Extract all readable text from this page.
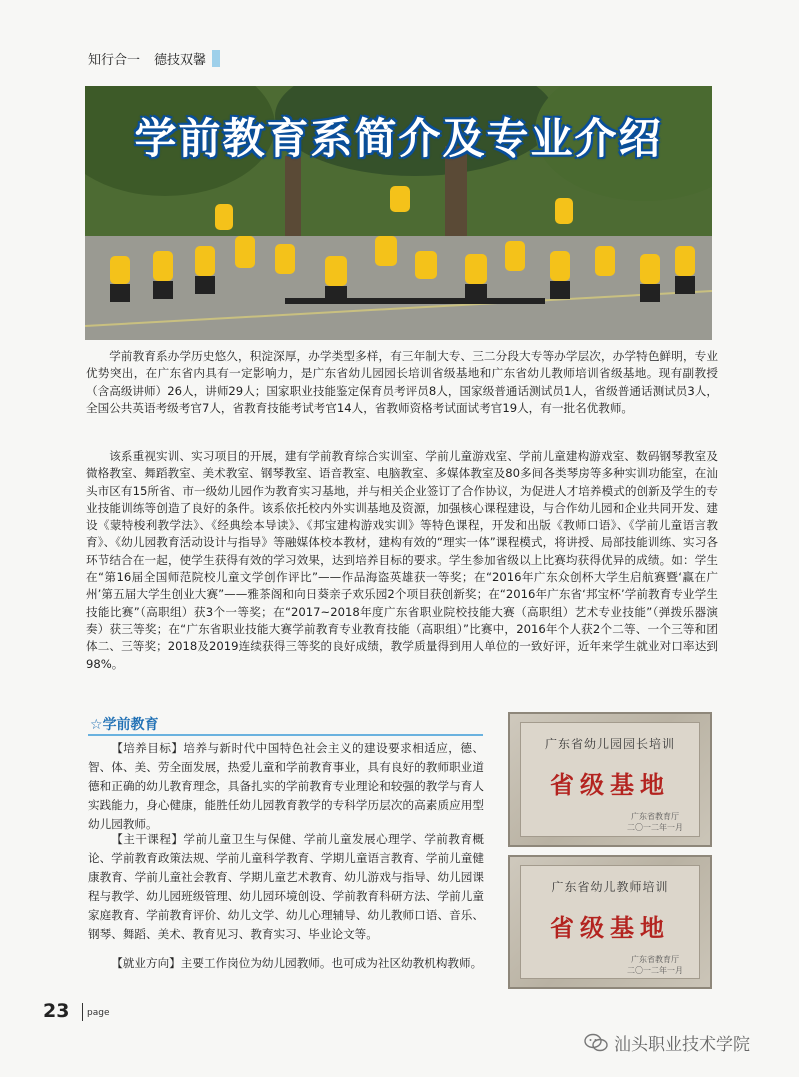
知行合一 德技双馨
学前教育系简介及专业介绍

学前教育系办学历史悠久，积淀深厚，办学类型多样，有三年制大专、三二分段大专等办学层次，办学特色鲜明，专业优势突出，在广东省内具有一定影响力，是广东省幼儿园园长培训省级基地和广东省幼儿教师培训省级基地。现有副教授（含高级讲师）26人，讲师29人；国家职业技能鉴定保育员考评员8人，国家级普通话测试员1人，省级普通话测试员3人，全国公共英语考级考官7人，省教育技能考试考官14人，省教师资格考试面试考官19人，有一批名优教师。

该系重视实训、实习项目的开展，建有学前教育综合实训室、学前儿童游戏室、学前儿童建构游戏室、数码钢琴教室及微格教室、舞蹈教室、美术教室、钢琴教室、语音教室、电脑教室、多媒体教室及80多间各类琴房等多种实训功能室，在汕头市区有15所省、市一级幼儿园作为教育实习基地，并与相关企业签订了合作协议，为促进人才培养模式的创新及学生的专业技能训练等创造了良好的条件。该系依托校内外实训基地及资源，加强核心课程建设，与合作幼儿园和企业共同开发、建设《蒙特梭利教学法》、《经典绘本导读》、《邦宝建构游戏实训》等特色课程，开发和出版《教师口语》、《学前儿童语言教育》、《幼儿园教育活动设计与指导》等融媒体校本教材，建构有效的“理实一体”课程模式，将讲授、局部技能训练、实习各环节结合在一起，使学生获得有效的学习效果，达到培养目标的要求。学生参加省级以上比赛均获得优异的成绩。如：学生在“第16届全国师范院校儿童文学创作评比”——作品海盗英雄获一等奖；在“2016年广东众创杯大学生启航赛暨‘赢在广州’第五届大学生创业大赛”——雅茶阁和向日葵亲子欢乐园2个项目获创新奖；在“2016年广东省‘邦宝杯’学前教育专业学生技能比赛”（高职组）获3个一等奖；在“2017~2018年度广东省职业院校技能大赛（高职组）艺术专业技能”（弹拨乐器演奏）获三等奖；在“广东省职业技能大赛学前教育专业教育技能（高职组）”比赛中，2016年个人获2个二等、一个三等和团体二、三等奖；2018及2019连续获得三等奖的良好成绩，教学质量得到用人单位的一致好评，近年来学生就业对口率达到98%。

☆学前教育

【培养目标】培养与新时代中国特色社会主义的建设要求相适应，德、智、体、美、劳全面发展，热爱儿童和学前教育事业，具有良好的教师职业道德和正确的幼儿教育理念，具备扎实的学前教育专业理论和较强的教学与育人实践能力，身心健康，能胜任幼儿园教育教学的专科学历层次的高素质应用型幼儿园教师。

【主干课程】学前儿童卫生与保健、学前儿童发展心理学、学前教育概论、学前教育政策法规、学前儿童科学教育、学期儿童语言教育、学前儿童健康教育、学前儿童社会教育、学期儿童艺术教育、幼儿游戏与指导、幼儿园课程与教学、幼儿园班级管理、幼儿园环境创设、学前教育科研方法、学前儿童家庭教育、学前教育评价、幼儿文学、幼儿心理辅导、幼儿教师口语、音乐、钢琴、舞蹈、美术、教育见习、教育实习、毕业论文等。

【就业方向】主要工作岗位为幼儿园教师。也可成为社区幼教机构教师。

广东省幼儿园园长培训
省级基地
广东省教育厅
二〇一二年一月
广东省幼儿教师培训
省级基地
广东省教育厅
二〇一二年一月
23 page
汕头职业技术学院
